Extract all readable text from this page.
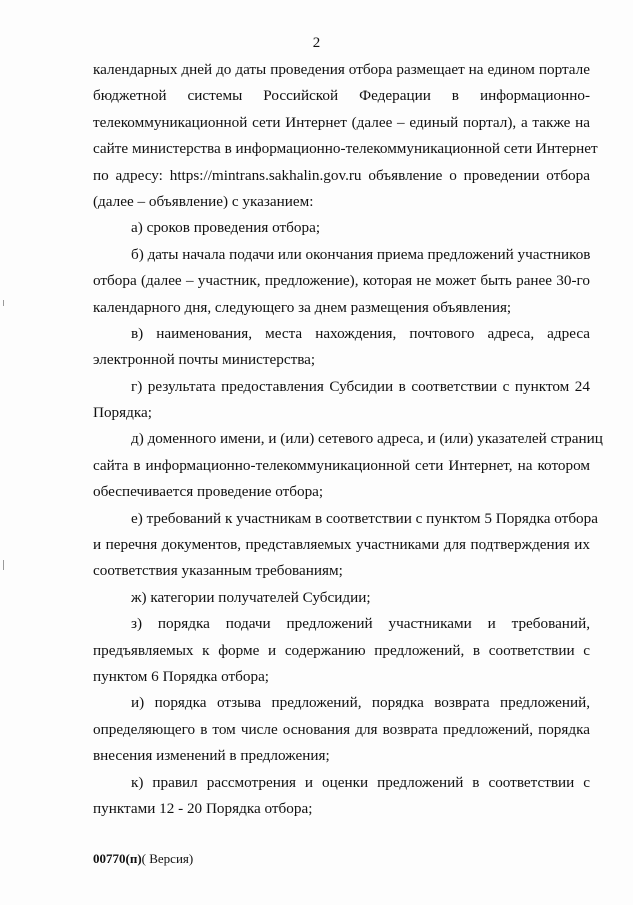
2
календарных дней до даты проведения отбора размещает на едином портале
бюджетной системы Российской Федерации в информационно-
телекоммуникационной сети Интернет (далее – единый портал), а также на
сайте министерства в информационно-телекоммуникационной сети Интернет
по адресу: https://mintrans.sakhalin.gov.ru объявление о проведении отбора
(далее – объявление) с указанием:
а) сроков проведения отбора;
б) даты начала подачи или окончания приема предложений участников
отбора (далее – участник, предложение), которая не может быть ранее 30-го
календарного дня, следующего за днем размещения объявления;
в) наименования, места нахождения, почтового адреса, адреса
электронной почты министерства;
г) результата предоставления Субсидии в соответствии с пунктом 24
Порядка;
д) доменного имени, и (или) сетевого адреса, и (или) указателей страниц
сайта в информационно-телекоммуникационной сети Интернет, на котором
обеспечивается проведение отбора;
е) требований к участникам в соответствии с пунктом 5 Порядка отбора
и перечня документов, представляемых участниками для подтверждения их
соответствия указанным требованиям;
ж) категории получателей Субсидии;
з) порядка подачи предложений участниками и требований,
предъявляемых к форме и содержанию предложений, в соответствии с
пунктом 6 Порядка отбора;
и) порядка отзыва предложений, порядка возврата предложений,
определяющего в том числе основания для возврата предложений, порядка
внесения изменений в предложения;
к) правил рассмотрения и оценки предложений в соответствии с
пунктами 12 - 20 Порядка отбора;
00770(п)( Версия)
